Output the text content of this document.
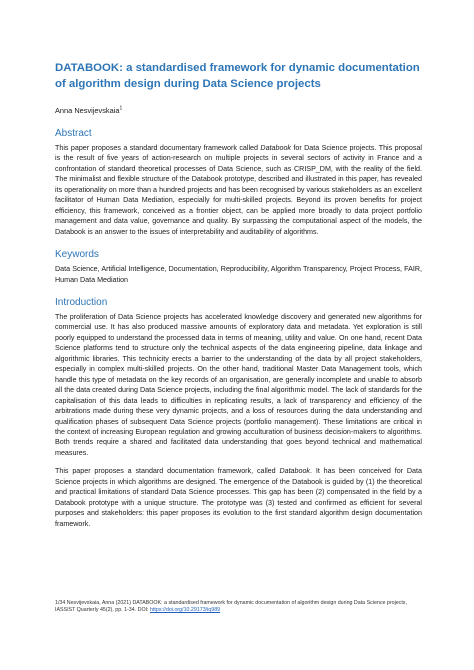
DATABOOK: a standardised framework for dynamic documentation of algorithm design during Data Science projects
Anna Nesvijevskaia$^1$
Abstract

This paper proposes a standard documentary framework called Databook for Data Science projects. This proposal is the result of five years of action-research on multiple projects in several sectors of activity in France and a confrontation of standard theoretical processes of Data Science, such as CRISP_DM, with the reality of the field. The minimalist and flexible structure of the Databook prototype, described and illustrated in this paper, has revealed its operationality on more than a hundred projects and has been recognised by various stakeholders as an excellent facilitator of Human Data Mediation, especially for multi-skilled projects. Beyond its proven benefits for project efficiency, this framework, conceived as a frontier object, can be applied more broadly to data project portfolio management and data value, governance and quality. By surpassing the computational aspect of the models, the Databook is an answer to the issues of interpretability and auditability of algorithms.

Keywords

Data Science, Artificial Intelligence, Documentation, Reproducibility, Algorithm Transparency, Project Process, FAIR, Human Data Mediation

Introduction

The proliferation of Data Science projects has accelerated knowledge discovery and generated new algorithms for commercial use. It has also produced massive amounts of exploratory data and metadata. Yet exploration is still poorly equipped to understand the processed data in terms of meaning, utility and value. On one hand, recent Data Science platforms tend to structure only the technical aspects of the data engineering pipeline, data linkage and algorithmic libraries. This technicity erects a barrier to the understanding of the data by all project stakeholders, especially in complex multi-skilled projects. On the other hand, traditional Master Data Management tools, which handle this type of metadata on the key records of an organisation, are generally incomplete and unable to absorb all the data created during Data Science projects, including the final algorithmic model. The lack of standards for the capitalisation of this data leads to difficulties in replicating results, a lack of transparency and efficiency of the arbitrations made during these very dynamic projects, and a loss of resources during the data understanding and qualification phases of subsequent Data Science projects (portfolio management). These limitations are critical in the context of increasing European regulation and growing acculturation of business decision-makers to algorithms. Both trends require a shared and facilitated data understanding that goes beyond technical and mathematical measures.

This paper proposes a standard documentation framework, called Databook. It has been conceived for Data Science projects in which algorithms are designed. The emergence of the Databook is guided by (1) the theoretical and practical limitations of standard Data Science processes. This gap has been (2) compensated in the field by a Databook prototype with a unique structure. The prototype was (3) tested and confirmed as efficient for several purposes and stakeholders: this paper proposes its evolution to the first standard algorithm design documentation framework.

1/34 Nesvijevskaia, Anna (2021) DATABOOK: a standardised framework for dynamic documentation of algorithm design during Data Science projects, IASSIST Quarterly 45(2), pp. 1-34. DOI: https://doi.org/10.29173/iq989
